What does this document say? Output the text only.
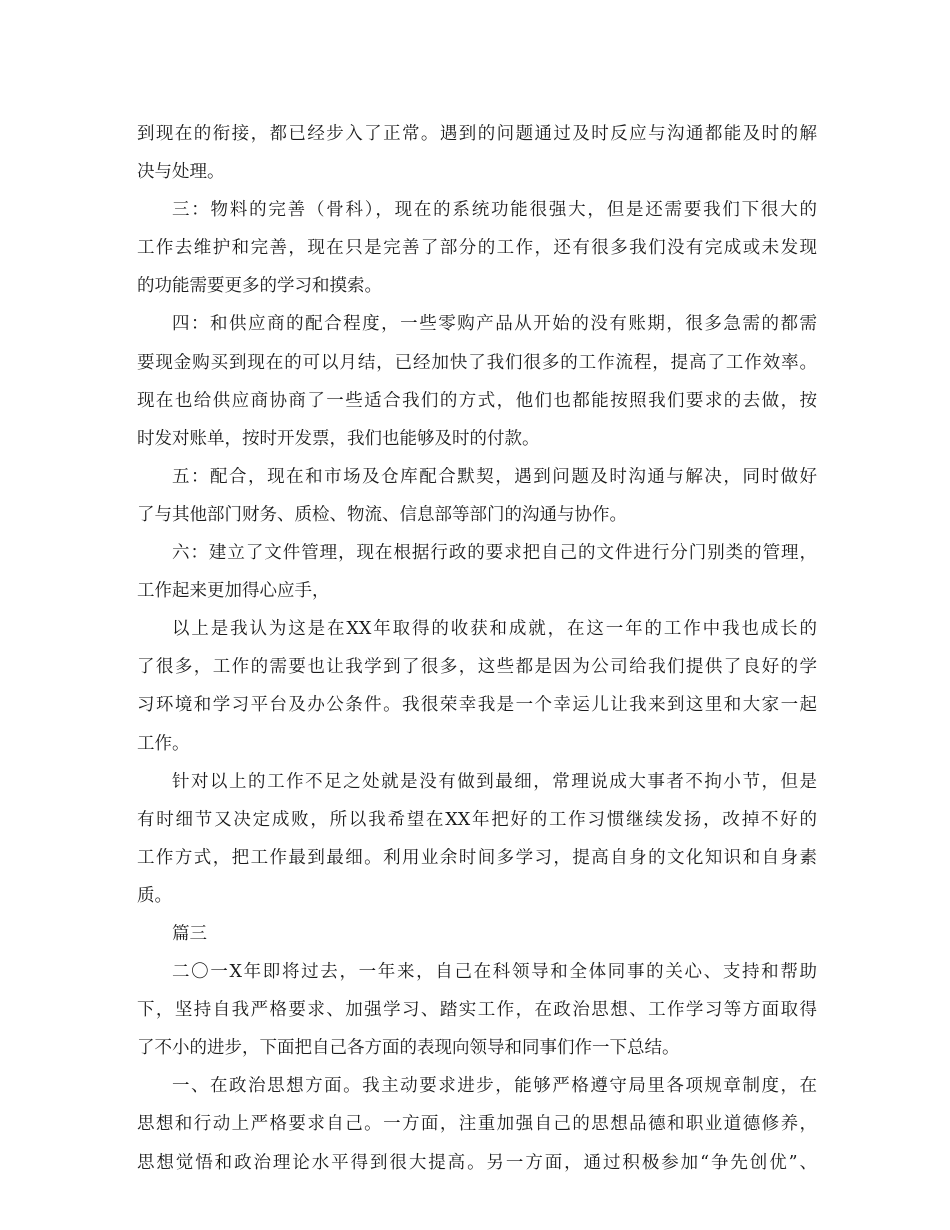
到现在的衔接，都已经步入了正常。遇到的问题通过及时反应与沟通都能及时的解
决与处理。
三：物料的完善（骨科），现在的系统功能很强大，但是还需要我们下很大的
工作去维护和完善，现在只是完善了部分的工作，还有很多我们没有完成或未发现
的功能需要更多的学习和摸索。
四：和供应商的配合程度，一些零购产品从开始的没有账期，很多急需的都需
要现金购买到现在的可以月结，已经加快了我们很多的工作流程，提高了工作效率。
现在也给供应商协商了一些适合我们的方式，他们也都能按照我们要求的去做，按
时发对账单，按时开发票，我们也能够及时的付款。
五：配合，现在和市场及仓库配合默契，遇到问题及时沟通与解决，同时做好
了与其他部门财务、质检、物流、信息部等部门的沟通与协作。
六：建立了文件管理，现在根据行政的要求把自己的文件进行分门别类的管理，
工作起来更加得心应手，
以上是我认为这是在XX年取得的收获和成就，在这一年的工作中我也成长的
了很多，工作的需要也让我学到了很多，这些都是因为公司给我们提供了良好的学
习环境和学习平台及办公条件。我很荣幸我是一个幸运儿让我来到这里和大家一起
工作。
针对以上的工作不足之处就是没有做到最细，常理说成大事者不拘小节，但是
有时细节又决定成败，所以我希望在XX年把好的工作习惯继续发扬，改掉不好的
工作方式，把工作最到最细。利用业余时间多学习，提高自身的文化知识和自身素
质。
篇三
二〇一X年即将过去，一年来，自己在科领导和全体同事的关心、支持和帮助
下，坚持自我严格要求、加强学习、踏实工作，在政治思想、工作学习等方面取得
了不小的进步，下面把自己各方面的表现向领导和同事们作一下总结。
一、在政治思想方面。我主动要求进步，能够严格遵守局里各项规章制度，在
思想和行动上严格要求自己。一方面，注重加强自己的思想品德和职业道德修养，
思想觉悟和政治理论水平得到很大提高。另一方面，通过积极参加“争先创优”、
